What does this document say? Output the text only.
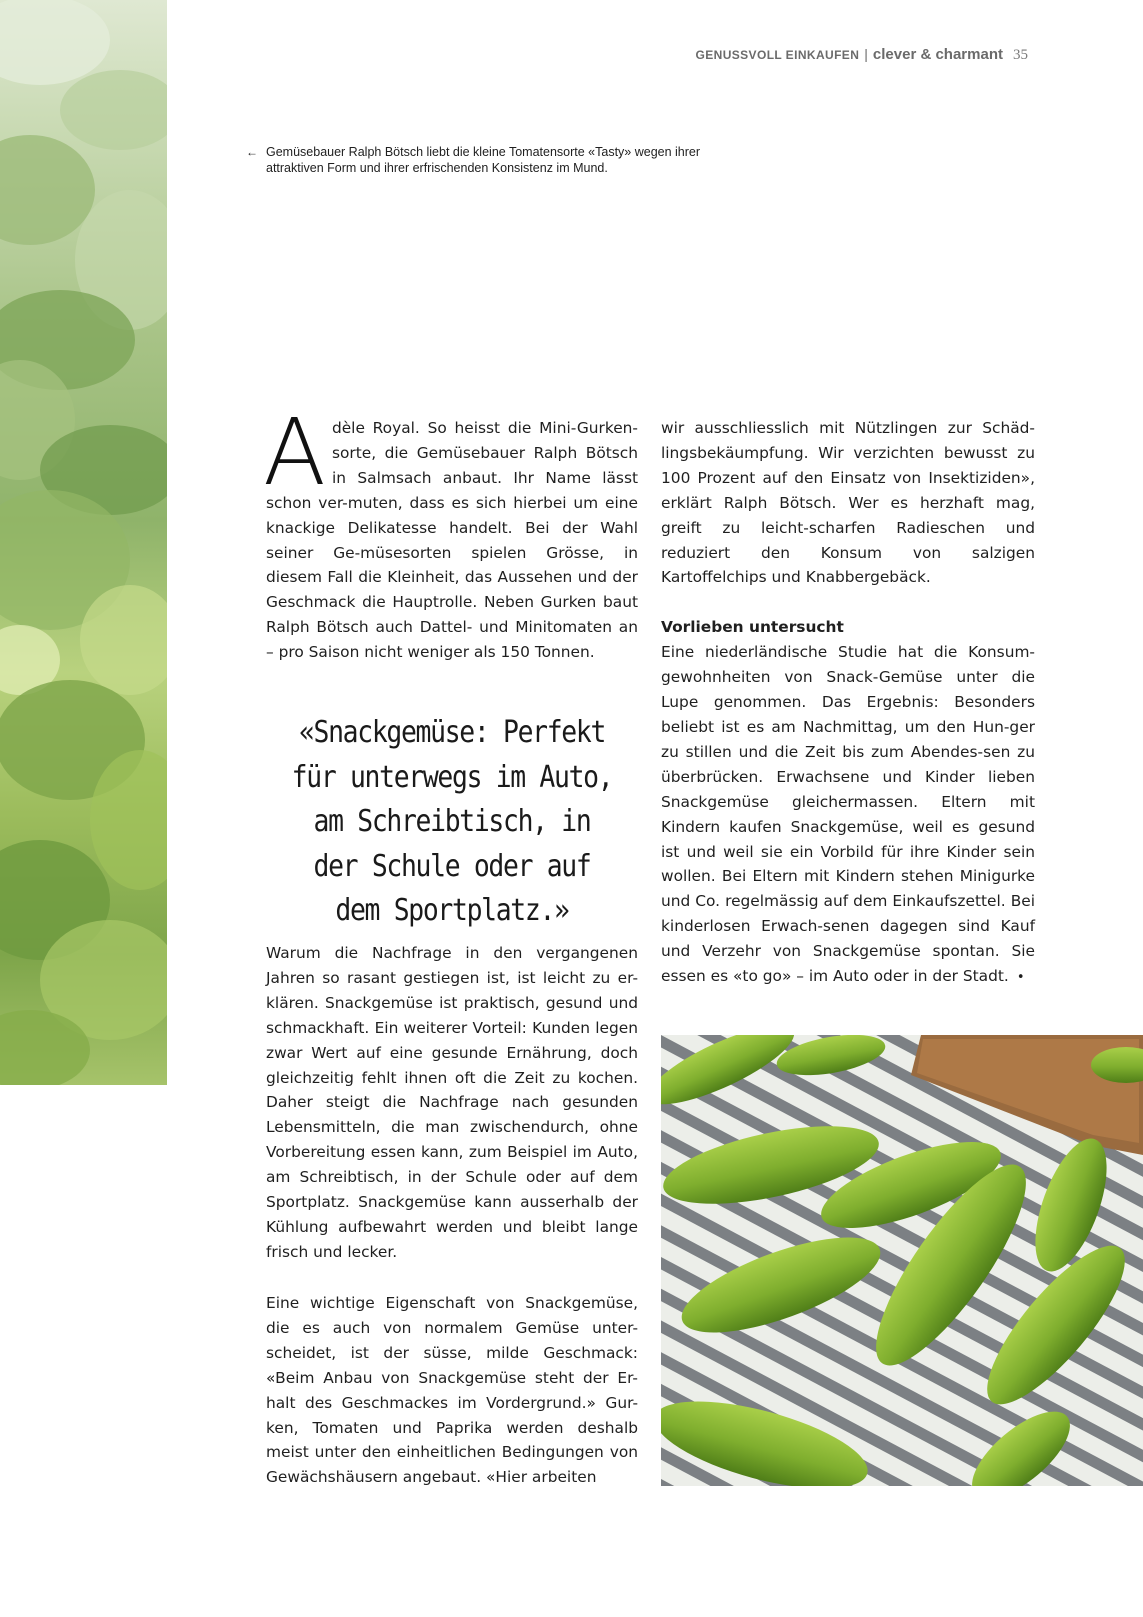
GENUSSVOLL EINKAUFEN | clever & charmant 35
← Gemüsebauer Ralph Bötsch liebt die kleine Tomatensorte «Tasty» wegen ihrer attraktiven Form und ihrer erfrischenden Konsistenz im Mund.

Adèle Royal. So heisst die Mini-Gurken-sorte, die Gemüsebauer Ralph Bötsch in Salmsach anbaut. Ihr Name lässt schon ver-muten, dass es sich hierbei um eine knackige Delikatesse handelt. Bei der Wahl seiner Ge-müsesorten spielen Grösse, in diesem Fall die Kleinheit, das Aussehen und der Geschmack die Hauptrolle. Neben Gurken baut Ralph Bötsch auch Dattel- und Minitomaten an – pro Saison nicht weniger als 150 Tonnen.

«Snackgemüse: Perfekt für unterwegs im Auto, am Schreibtisch, in der Schule oder auf dem Sportplatz.»

Warum die Nachfrage in den vergangenen Jahren so rasant gestiegen ist, ist leicht zu er-klären. Snackgemüse ist praktisch, gesund und schmackhaft. Ein weiterer Vorteil: Kunden legen zwar Wert auf eine gesunde Ernährung, doch gleichzeitig fehlt ihnen oft die Zeit zu kochen. Daher steigt die Nachfrage nach gesunden Lebensmitteln, die man zwischendurch, ohne Vorbereitung essen kann, zum Beispiel im Auto, am Schreibtisch, in der Schule oder auf dem Sportplatz. Snackgemüse kann ausserhalb der Kühlung aufbewahrt werden und bleibt lange frisch und lecker.

Eine wichtige Eigenschaft von Snackgemüse, die es auch von normalem Gemüse unter-scheidet, ist der süsse, milde Geschmack: «Beim Anbau von Snackgemüse steht der Er-halt des Geschmackes im Vordergrund.» Gur-ken, Tomaten und Paprika werden deshalb meist unter den einheitlichen Bedingungen von Gewächshäusern angebaut. «Hier arbeiten

wir ausschliesslich mit Nützlingen zur Schäd-lingsbekäumpfung. Wir verzichten bewusst zu 100 Prozent auf den Einsatz von Insektiziden», erklärt Ralph Bötsch. Wer es herzhaft mag, greift zu leicht-scharfen Radieschen und reduziert den Konsum von salzigen Kartoffelchips und Knabbergebäck.

Vorlieben untersucht

Eine niederländische Studie hat die Konsum-gewohnheiten von Snack-Gemüse unter die Lupe genommen. Das Ergebnis: Besonders beliebt ist es am Nachmittag, um den Hun-ger zu stillen und die Zeit bis zum Abendes-sen zu überbrücken. Erwachsene und Kinder lieben Snackgemüse gleichermassen. Eltern mit Kindern kaufen Snackgemüse, weil es gesund ist und weil sie ein Vorbild für ihre Kinder sein wollen. Bei Eltern mit Kindern stehen Minigurke und Co. regelmässig auf dem Einkaufszettel. Bei kinderlosen Erwach-senen dagegen sind Kauf und Verzehr von Snackgemüse spontan. Sie essen es «to go» – im Auto oder in der Stadt. •
